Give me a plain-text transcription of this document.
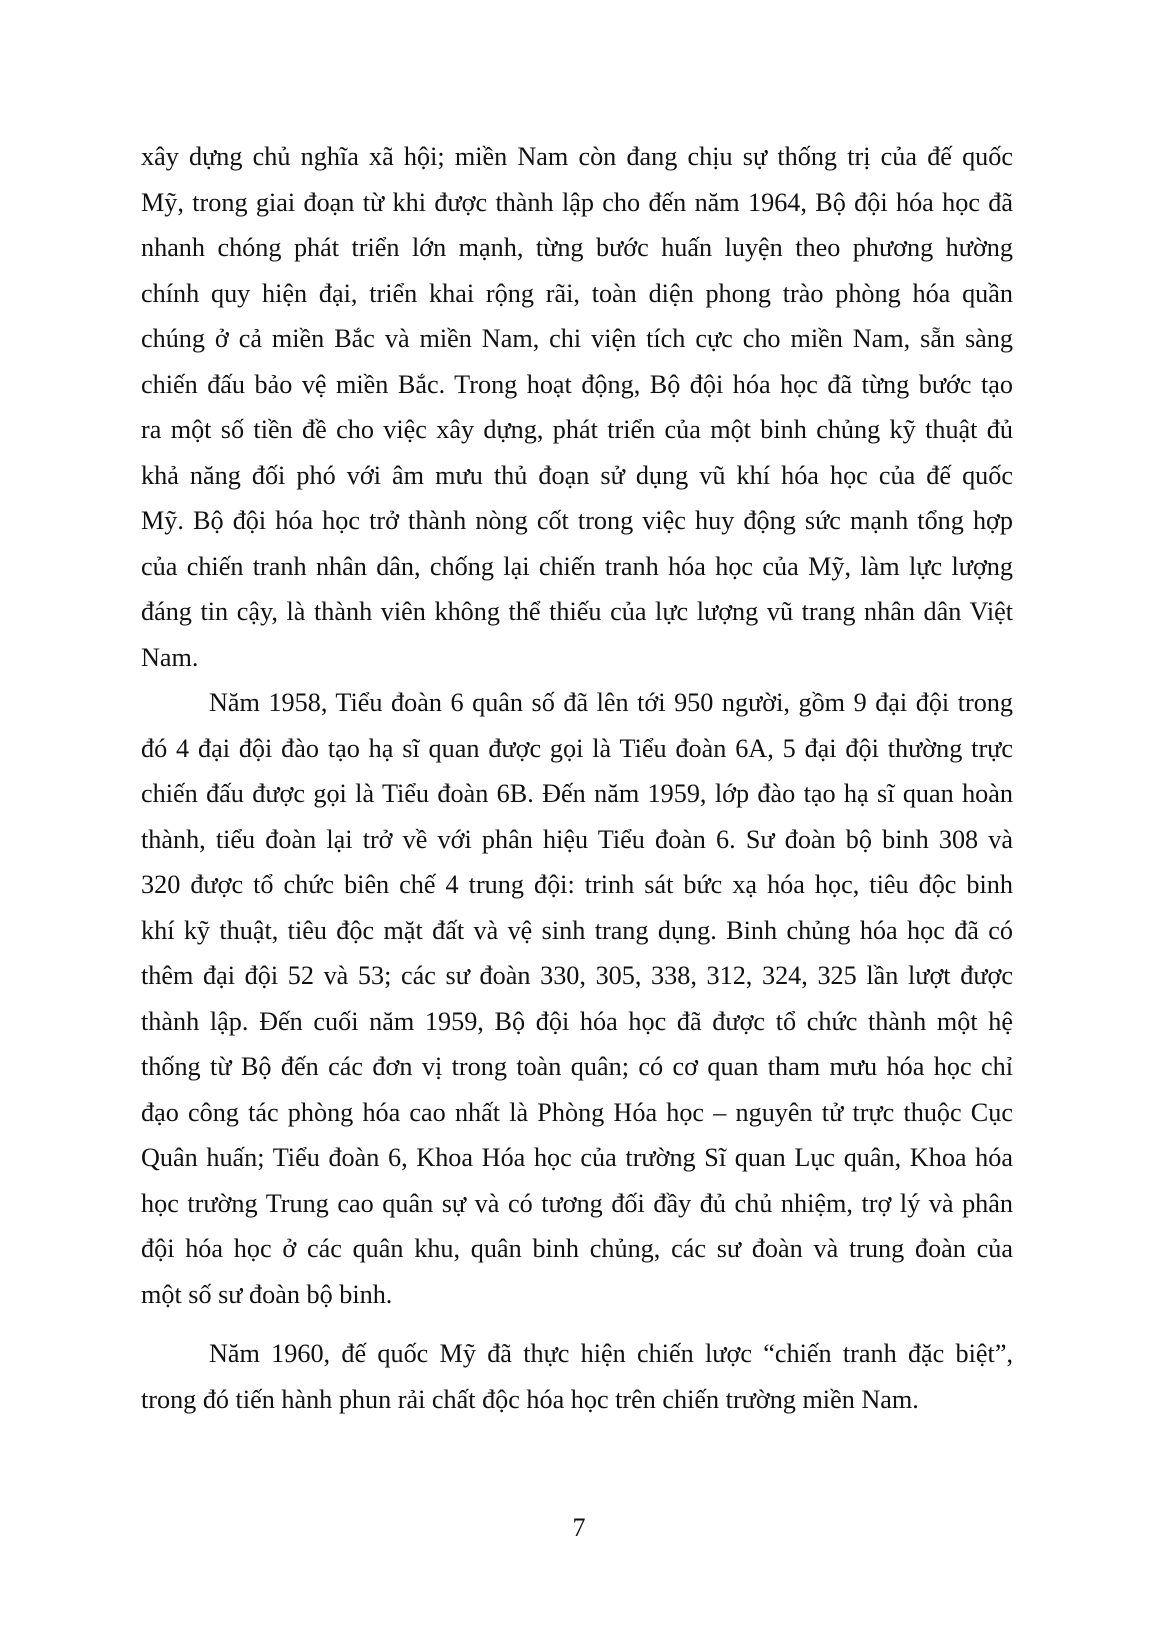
xây dựng chủ nghĩa xã hội; miền Nam còn đang chịu sự thống trị của đế quốc

Mỹ, trong giai đoạn từ khi được thành lập cho đến năm 1964, Bộ đội hóa học đã

nhanh chóng phát triển lớn mạnh, từng bước huấn luyện theo phương hường

chính quy hiện đại, triển khai rộng rãi, toàn diện phong trào phòng hóa quần

chúng ở cả miền Bắc và miền Nam, chi viện tích cực cho miền Nam, sẵn sàng

chiến đấu bảo vệ miền Bắc. Trong hoạt động, Bộ đội hóa học đã từng bước tạo

ra một số tiền đề cho việc xây dựng, phát triển của một binh chủng kỹ thuật đủ

khả năng đối phó với âm mưu thủ đoạn sử dụng vũ khí hóa học của đế quốc

Mỹ. Bộ đội hóa học trở thành nòng cốt trong việc huy động sức mạnh tổng hợp

của chiến tranh nhân dân, chống lại chiến tranh hóa học của Mỹ, làm lực lượng

đáng tin cậy, là thành viên không thể thiếu của lực lượng vũ trang nhân dân Việt

Nam.

Năm 1958, Tiểu đoàn 6 quân số đã lên tới 950 người, gồm 9 đại đội trong

đó 4 đại đội đào tạo hạ sĩ quan được gọi là Tiểu đoàn 6A, 5 đại đội thường trực

chiến đấu được gọi là Tiểu đoàn 6B. Đến năm 1959, lớp đào tạo hạ sĩ quan hoàn

thành, tiểu đoàn lại trở về với phân hiệu Tiểu đoàn 6. Sư đoàn bộ binh 308 và

320 được tổ chức biên chế 4 trung đội: trinh sát bức xạ hóa học, tiêu độc binh

khí kỹ thuật, tiêu độc mặt đất và vệ sinh trang dụng. Binh chủng hóa học đã có

thêm đại đội 52 và 53; các sư đoàn 330, 305, 338, 312, 324, 325 lần lượt được

thành lập. Đến cuối năm 1959, Bộ đội hóa học đã được tổ chức thành một hệ

thống từ Bộ đến các đơn vị trong toàn quân; có cơ quan tham mưu hóa học chỉ

đạo công tác phòng hóa cao nhất là Phòng Hóa học – nguyên tử trực thuộc Cục

Quân huấn; Tiểu đoàn 6, Khoa Hóa học của trường Sĩ quan Lục quân, Khoa hóa

học trường Trung cao quân sự và có tương đối đầy đủ chủ nhiệm, trợ lý và phân

đội hóa học ở các quân khu, quân binh chủng, các sư đoàn và trung đoàn của

một số sư đoàn bộ binh.

Năm 1960, đế quốc Mỹ đã thực hiện chiến lược “chiến tranh đặc biệt”,

trong đó tiến hành phun rải chất độc hóa học trên chiến trường miền Nam.

7
